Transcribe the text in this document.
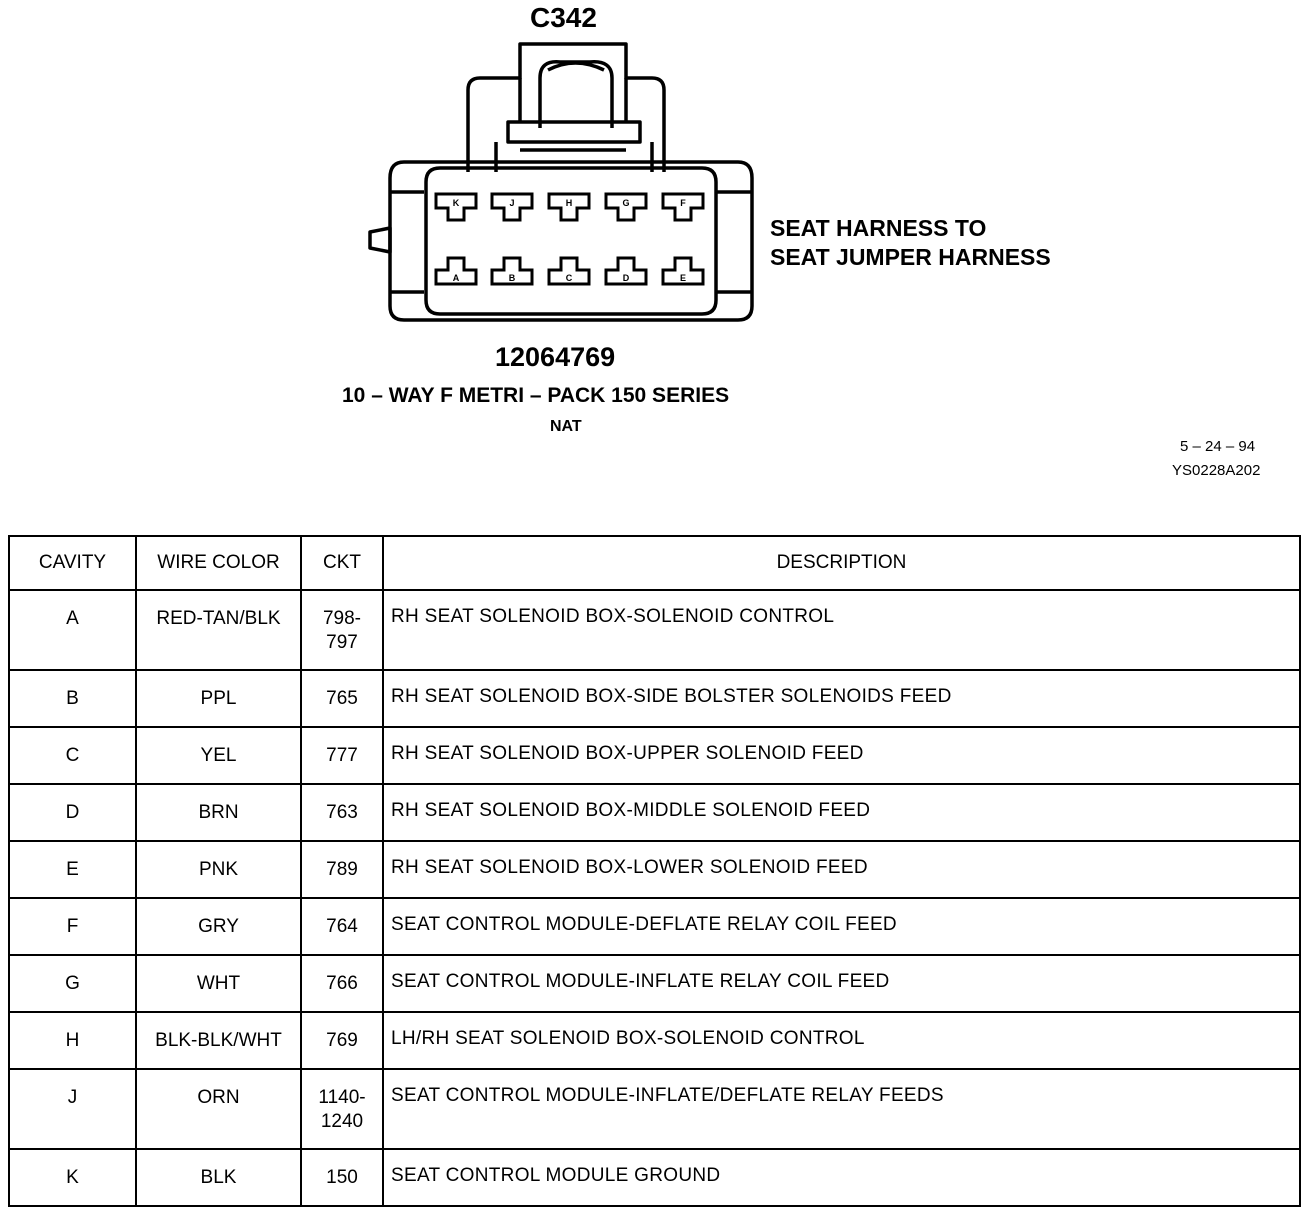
K	J	H	G	F
A	B	C	D	E
C342
SEAT HARNESS TO
SEAT JUMPER HARNESS
12064769
10 – WAY F METRI – PACK 150 SERIES
NAT
5 – 24 – 94
YS0228A202
CAVITY	WIRE COLOR	CKT	DESCRIPTION

A	RED-TAN/BLK	798-
797	RH SEAT SOLENOID BOX-SOLENOID CONTROL

B	PPL	765	RH SEAT SOLENOID BOX-SIDE BOLSTER SOLENOIDS FEED

C	YEL	777	RH SEAT SOLENOID BOX-UPPER SOLENOID FEED

D	BRN	763	RH SEAT SOLENOID BOX-MIDDLE SOLENOID FEED

E	PNK	789	RH SEAT SOLENOID BOX-LOWER SOLENOID FEED

F	GRY	764	SEAT CONTROL MODULE-DEFLATE RELAY COIL FEED

G	WHT	766	SEAT CONTROL MODULE-INFLATE RELAY COIL FEED

H	BLK-BLK/WHT	769	LH/RH SEAT SOLENOID BOX-SOLENOID CONTROL

J	ORN	1140-
1240	SEAT CONTROL MODULE-INFLATE/DEFLATE RELAY FEEDS

K	BLK	150	SEAT CONTROL MODULE GROUND
